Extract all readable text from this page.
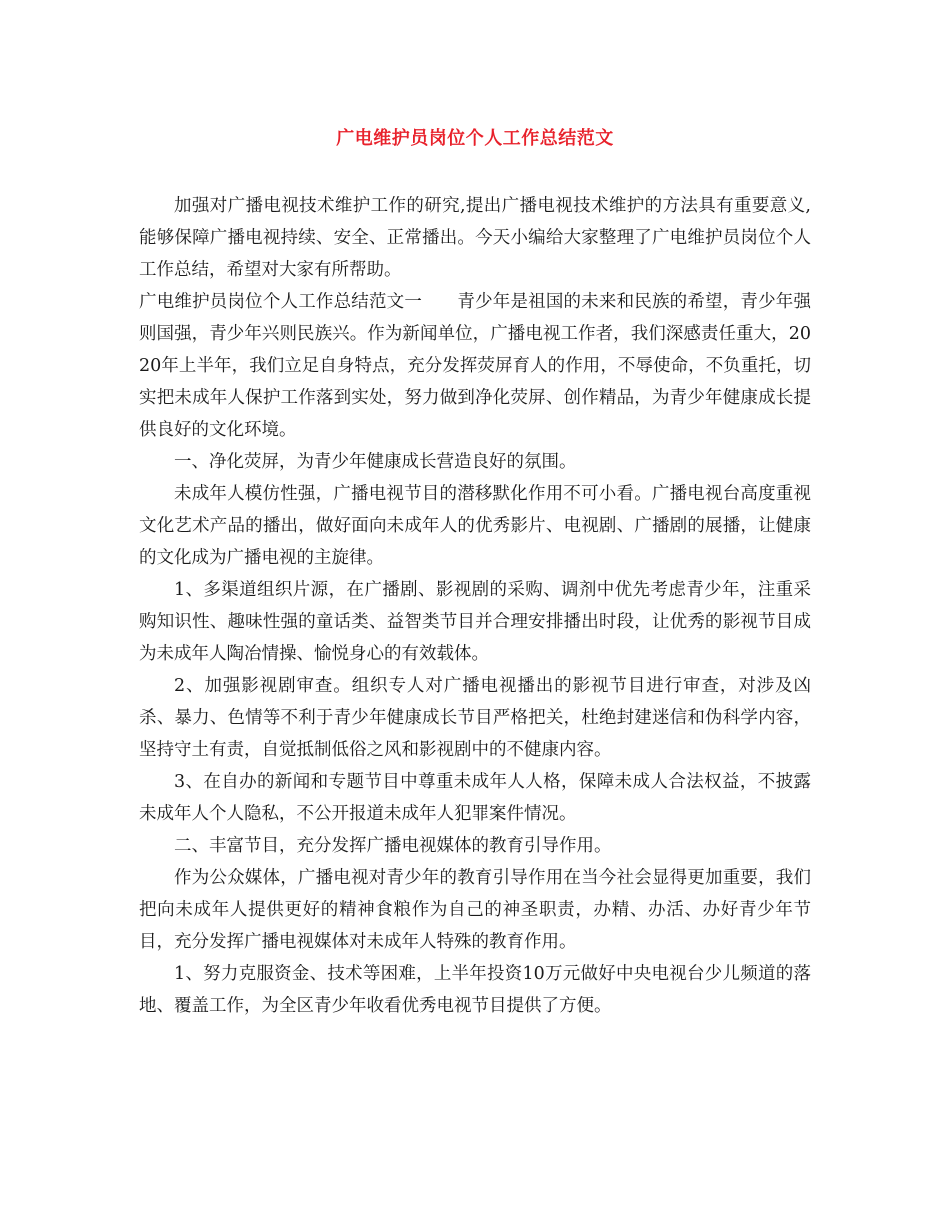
广电维护员岗位个人工作总结范文

加强对广播电视技术维护工作的研究,提出广播电视技术维护的方法具有重要意义,能够保障广播电视持续、安全、正常播出。今天小编给大家整理了广电维护员岗位个人工作总结，希望对大家有所帮助。

广电维护员岗位个人工作总结范文一　　青少年是祖国的未来和民族的希望，青少年强则国强，青少年兴则民族兴。作为新闻单位，广播电视工作者，我们深感责任重大，2020年上半年，我们立足自身特点，充分发挥荧屏育人的作用，不辱使命，不负重托，切实把未成年人保护工作落到实处，努力做到净化荧屏、创作精品，为青少年健康成长提供良好的文化环境。

一、净化荧屏，为青少年健康成长营造良好的氛围。

未成年人模仿性强，广播电视节目的潜移默化作用不可小看。广播电视台高度重视文化艺术产品的播出，做好面向未成年人的优秀影片、电视剧、广播剧的展播，让健康的文化成为广播电视的主旋律。

1、多渠道组织片源，在广播剧、影视剧的采购、调剂中优先考虑青少年，注重采购知识性、趣味性强的童话类、益智类节目并合理安排播出时段，让优秀的影视节目成为未成年人陶冶情操、愉悦身心的有效载体。

2、加强影视剧审查。组织专人对广播电视播出的影视节目进行审查，对涉及凶杀、暴力、色情等不利于青少年健康成长节目严格把关，杜绝封建迷信和伪科学内容，坚持守土有责，自觉抵制低俗之风和影视剧中的不健康内容。

3、在自办的新闻和专题节目中尊重未成年人人格，保障未成人合法权益，不披露未成年人个人隐私，不公开报道未成年人犯罪案件情况。

二、丰富节目，充分发挥广播电视媒体的教育引导作用。

作为公众媒体，广播电视对青少年的教育引导作用在当今社会显得更加重要，我们把向未成年人提供更好的精神食粮作为自己的神圣职责，办精、办活、办好青少年节目，充分发挥广播电视媒体对未成年人特殊的教育作用。

1、努力克服资金、技术等困难，上半年投资10万元做好中央电视台少儿频道的落地、覆盖工作，为全区青少年收看优秀电视节目提供了方便。
